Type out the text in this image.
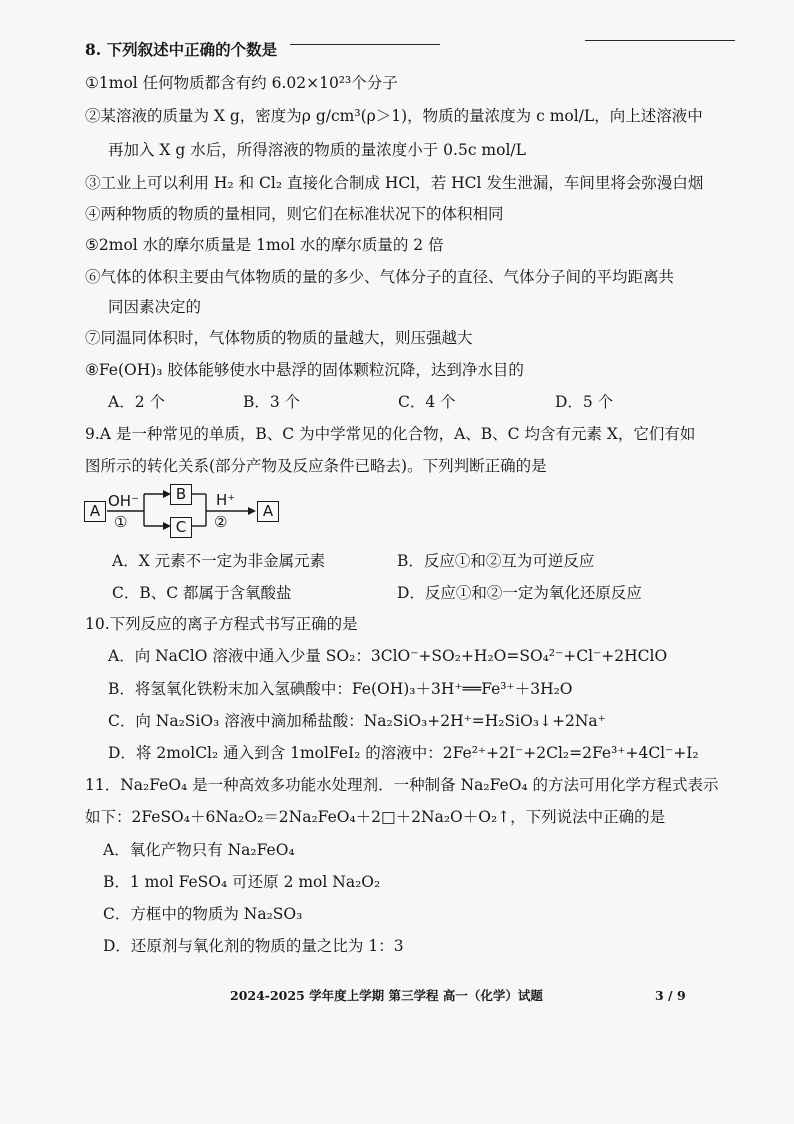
8. 下列叙述中正确的个数是
①1mol 任何物质都含有约 6.02×10²³个分子
②某溶液的质量为 X g，密度为ρ g/cm³(ρ＞1)，物质的量浓度为 c mol/L，向上述溶液中
再加入 X g 水后，所得溶液的物质的量浓度小于 0.5c mol/L
③工业上可以利用 H₂ 和 Cl₂ 直接化合制成 HCl，若 HCl 发生泄漏，车间里将会弥漫白烟
④两种物质的物质的量相同，则它们在标准状况下的体积相同
⑤2mol 水的摩尔质量是 1mol 水的摩尔质量的 2 倍
⑥气体的体积主要由气体物质的量的多少、气体分子的直径、气体分子间的平均距离共
同因素决定的
⑦同温同体积时，气体物质的物质的量越大，则压强越大
⑧Fe(OH)₃ 胶体能够使水中悬浮的固体颗粒沉降，达到净水目的
A．2 个	B．3 个	C．4 个	D．5 个
9.A 是一种常见的单质，B、C 为中学常见的化合物，A、B、C 均含有元素 X，它们有如
图所示的转化关系(部分产物及反应条件已略去)。下列判断正确的是
A
OH⁻
①
B
C
H⁺
②
A
A．X 元素不一定为非金属元素	B．反应①和②互为可逆反应
C．B、C 都属于含氧酸盐	D．反应①和②一定为氧化还原反应
10.下列反应的离子方程式书写正确的是
A．向 NaClO 溶液中通入少量 SO₂：3ClO⁻+SO₂+H₂O=SO₄²⁻+Cl⁻+2HClO
B．将氢氧化铁粉末加入氢碘酸中：Fe(OH)₃＋3H⁺══Fe³⁺＋3H₂O
C．向 Na₂SiO₃ 溶液中滴加稀盐酸：Na₂SiO₃+2H⁺=H₂SiO₃↓+2Na⁺
D．将 2molCl₂ 通入到含 1molFeI₂ 的溶液中：2Fe²⁺+2I⁻+2Cl₂=2Fe³⁺+4Cl⁻+I₂
11．Na₂FeO₄ 是一种高效多功能水处理剂．一种制备 Na₂FeO₄ 的方法可用化学方程式表示
如下：2FeSO₄＋6Na₂O₂＝2Na₂FeO₄＋2□＋2Na₂O＋O₂↑，下列说法中正确的是
A．氧化产物只有 Na₂FeO₄
B．1 mol FeSO₄ 可还原 2 mol Na₂O₂
C．方框中的物质为 Na₂SO₃
D．还原剂与氧化剂的物质的量之比为 1：3
2024-2025 学年度上学期 第三学程 高一（化学）试题	3 / 9
